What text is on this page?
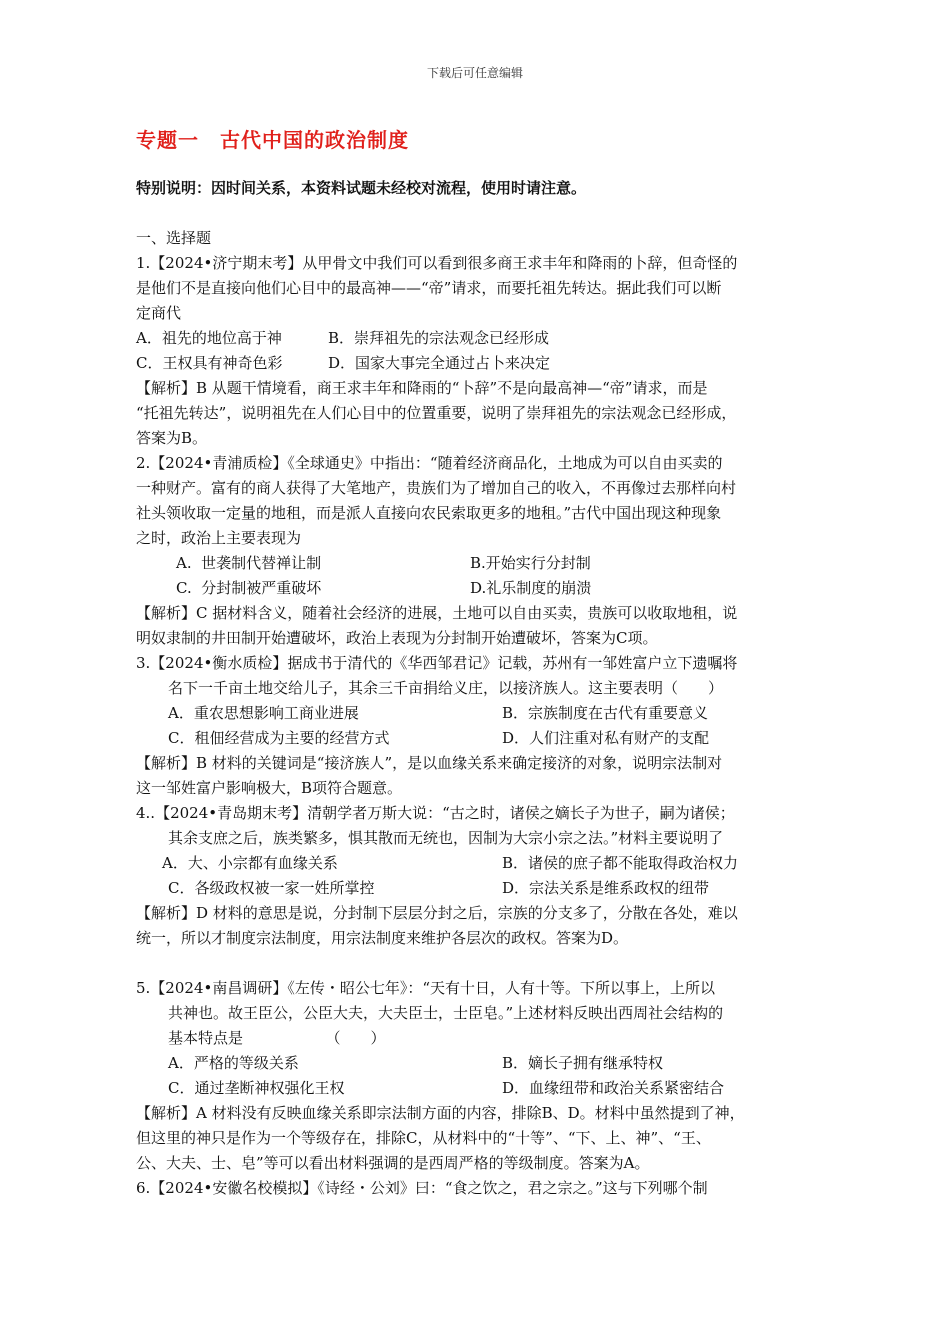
下载后可任意编辑
专题一　古代中国的政治制度
特别说明：因时间关系，本资料试题未经校对流程，使用时请注意。
一、选择题
1.【2024•济宁期末考】从甲骨文中我们可以看到很多商王求丰年和降雨的卜辞，但奇怪的
是他们不是直接向他们心目中的最高神——“帝”请求，而要托祖先转达。据此我们可以断
定商代

A．祖先的地位高于神

	B．崇拜祖先的宗法观念已经形成

C．王权具有神奇色彩

	D．国家大事完全通过占卜来决定

【解析】B 从题干情境看，商王求丰年和降雨的“卜辞”不是向最高神—“帝”请求，而是
“托祖先转达”，说明祖先在人们心目中的位置重要，说明了崇拜祖先的宗法观念已经形成，
答案为B。
2.【2024•青浦质检】《全球通史》中指出：“随着经济商品化，土地成为可以自由买卖的
一种财产。富有的商人获得了大笔地产，贵族们为了增加自己的收入，不再像过去那样向村
社头领收取一定量的地租，而是派人直接向农民索取更多的地租。”古代中国出现这种现象
之时，政治上主要表现为

A.  世袭制代替禅让制

	B.开始实行分封制

C.  分封制被严重破坏

	D.礼乐制度的崩溃

【解析】C 据材料含义，随着社会经济的进展，土地可以自由买卖，贵族可以收取地租，说
明奴隶制的井田制开始遭破坏，政治上表现为分封制开始遭破坏，答案为C项。
3.【2024•衡水质检】据成书于清代的《华西邹君记》记载，苏州有一邹姓富户立下遗嘱将
名下一千亩土地交给儿子，其余三千亩捐给义庄，以接济族人。这主要表明（　　）

A．重农思想影响工商业进展

	B．宗族制度在古代有重要意义

C．租佃经营成为主要的经营方式

	D．人们注重对私有财产的支配

【解析】B 材料的关键词是“接济族人”，是以血缘关系来确定接济的对象，说明宗法制对
这一邹姓富户影响极大，B项符合题意。
4..【2024•青岛期末考】清朝学者万斯大说：“古之时，诸侯之嫡长子为世子，嗣为诸侯；
其余支庶之后，族类繁多，惧其散而无统也，因制为大宗小宗之法。”材料主要说明了

A．大、小宗都有血缘关系

	B．诸侯的庶子都不能取得政治权力

C．各级政权被一家一姓所掌控

	D．宗法关系是维系政权的纽带

【解析】D 材料的意思是说，分封制下层层分封之后，宗族的分支多了，分散在各处，难以
统一，所以才制度宗法制度，用宗法制度来维护各层次的政权。答案为D。
5.【2024•南昌调研】《左传・昭公七年》：“天有十日，人有十等。下所以事上，上所以
共神也。故王臣公，公臣大夫，大夫臣士，士臣皂。”上述材料反映出西周社会结构的
基本特点是　　　　　　（　　）

A．严格的等级关系

	B．嫡长子拥有继承特权

C．通过垄断神权强化王权

	D．血缘纽带和政治关系紧密结合

【解析】A 材料没有反映血缘关系即宗法制方面的内容，排除B、D。材料中虽然提到了神，
但这里的神只是作为一个等级存在，排除C，从材料中的“十等”、“下、上、神”、“王、
公、大夫、士、皂”等可以看出材料强调的是西周严格的等级制度。答案为A。
6.【2024•安徽名校模拟】《诗经・公刘》曰：“食之饮之，君之宗之。”这与下列哪个制
